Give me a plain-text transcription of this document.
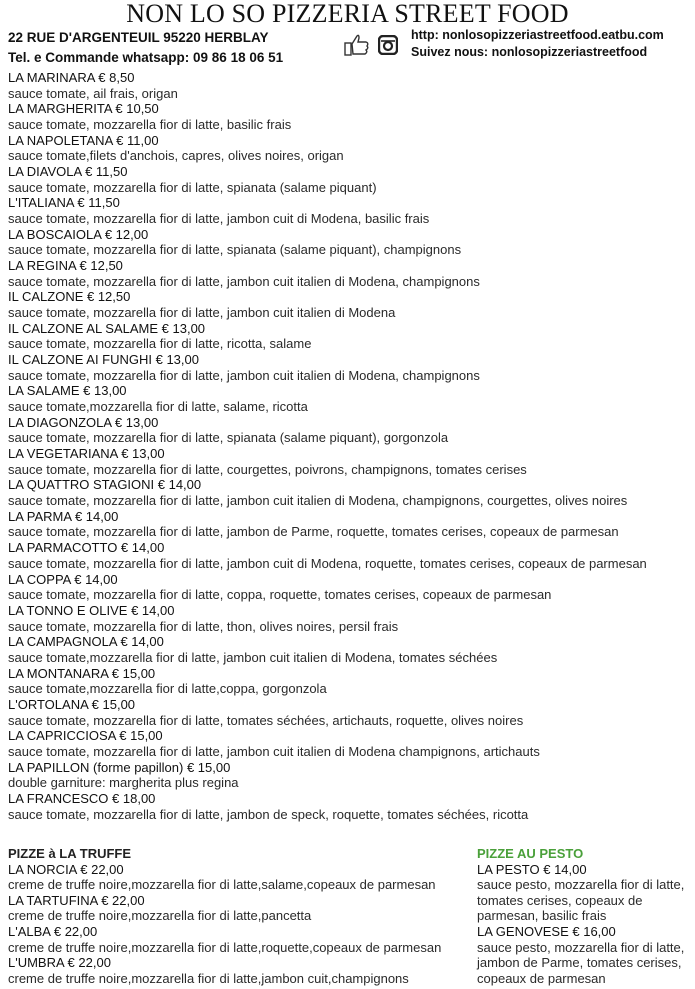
NON LO SO PIZZERIA STREET FOOD
22 RUE D'ARGENTEUIL 95220 HERBLAY
Tel. e Commande whatsapp: 09 86 18 06 51
http: nonlosopizzeriastreetfood.eatbu.com
Suivez nous: nonlosopizzeriastreetfood
LA MARINARA € 8,50
sauce tomate, ail frais, origan
LA MARGHERITA € 10,50
sauce tomate, mozzarella fior di latte, basilic frais
LA NAPOLETANA € 11,00
sauce tomate,filets d'anchois, capres, olives noires, origan
LA DIAVOLA € 11,50
sauce tomate, mozzarella fior di latte, spianata (salame piquant)
L'ITALIANA € 11,50
sauce tomate, mozzarella fior di latte, jambon cuit di Modena, basilic frais
LA BOSCAIOLA € 12,00
sauce tomate, mozzarella fior di latte, spianata (salame piquant), champignons
LA REGINA € 12,50
sauce tomate, mozzarella fior di latte, jambon cuit italien di Modena, champignons
IL CALZONE € 12,50
sauce tomate, mozzarella fior di latte, jambon cuit italien di Modena
IL CALZONE AL SALAME € 13,00
sauce tomate, mozzarella fior di latte, ricotta, salame
IL CALZONE AI FUNGHI € 13,00
sauce tomate, mozzarella fior di latte, jambon cuit italien di Modena, champignons
LA SALAME € 13,00
sauce tomate,mozzarella fior di latte, salame, ricotta
LA DIAGONZOLA € 13,00
sauce tomate, mozzarella fior di latte, spianata (salame piquant), gorgonzola
LA VEGETARIANA € 13,00
sauce tomate, mozzarella fior di latte, courgettes, poivrons, champignons, tomates cerises
LA QUATTRO STAGIONI € 14,00
sauce tomate, mozzarella fior di latte, jambon cuit italien di Modena, champignons, courgettes, olives noires
LA PARMA € 14,00
sauce tomate, mozzarella fior di latte, jambon de Parme, roquette, tomates cerises, copeaux de parmesan
LA PARMACOTTO € 14,00
sauce tomate, mozzarella fior di latte, jambon cuit di Modena, roquette, tomates cerises, copeaux de parmesan
LA COPPA € 14,00
sauce tomate, mozzarella fior di latte, coppa, roquette, tomates cerises, copeaux de parmesan
LA TONNO E OLIVE € 14,00
sauce tomate, mozzarella fior di latte, thon, olives noires, persil frais
LA CAMPAGNOLA € 14,00
sauce tomate,mozzarella fior di latte, jambon cuit italien di Modena, tomates séchées
LA MONTANARA € 15,00
sauce tomate,mozzarella fior di latte,coppa, gorgonzola
L'ORTOLANA € 15,00
sauce tomate, mozzarella fior di latte, tomates séchées, artichauts, roquette, olives noires
LA CAPRICCIOSA € 15,00
sauce tomate, mozzarella fior di latte, jambon cuit italien di Modena champignons, artichauts
LA PAPILLON (forme papillon) € 15,00
double garniture: margherita plus regina
LA FRANCESCO € 18,00
sauce tomate, mozzarella fior di latte, jambon de speck, roquette, tomates séchées, ricotta
PIZZE à LA TRUFFE
LA NORCIA € 22,00
creme de truffe noire,mozzarella fior di latte,salame,copeaux de parmesan
LA TARTUFINA € 22,00
creme de truffe noire,mozzarella fior di latte,pancetta
L'ALBA € 22,00
creme de truffe noire,mozzarella fior di latte,roquette,copeaux de parmesan
L'UMBRA € 22,00
creme de truffe noire,mozzarella fior di latte,jambon cuit,champignons
PIZZE AU PESTO
LA PESTO € 14,00
sauce pesto, mozzarella fior di latte,
tomates cerises, copeaux de
parmesan, basilic frais
LA GENOVESE € 16,00
sauce pesto, mozzarella fior di latte,
jambon de Parme, tomates cerises,
copeaux de parmesan
